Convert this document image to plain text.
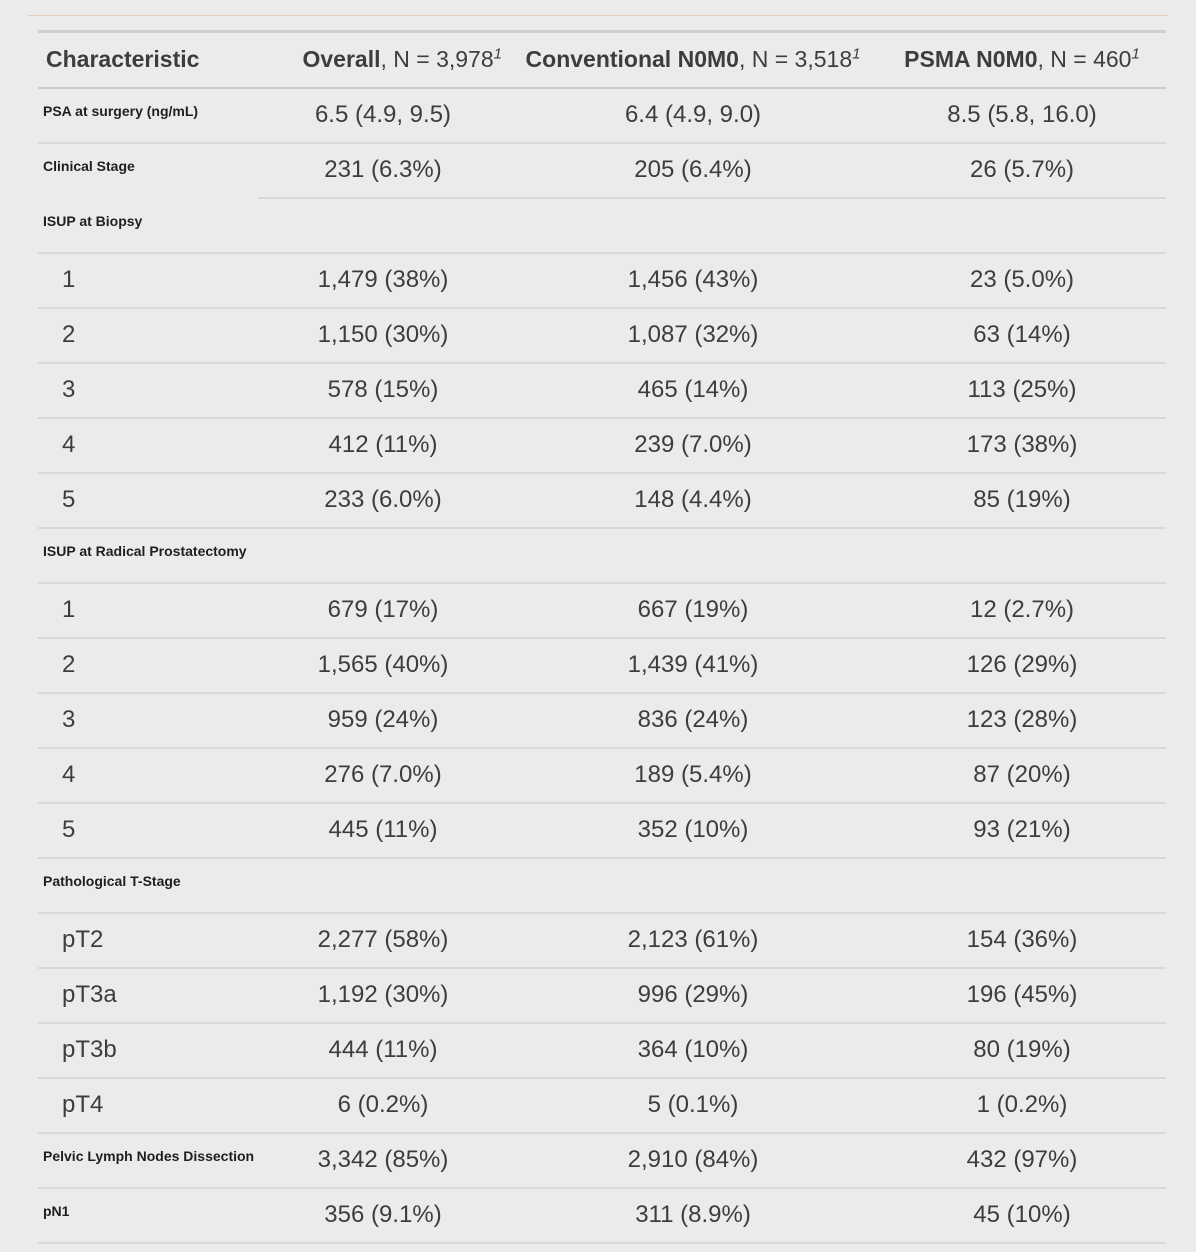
Characteristic	Overall, $N = 3,978^1$	Conventional N0M0, $N = 3,518^1$	PSMA N0M0, $N = 460^1$
PSA at surgery (ng/mL)	6.5 (4.9, 9.5)	6.4 (4.9, 9.0)	8.5 (5.8, 16.0)
Clinical Stage	231 (6.3%)	205 (6.4%)	26 (5.7%)
ISUP at Biopsy			
1	1,479 (38%)	1,456 (43%)	23 (5.0%)
2	1,150 (30%)	1,087 (32%)	63 (14%)
3	578 (15%)	465 (14%)	113 (25%)
4	412 (11%)	239 (7.0%)	173 (38%)
5	233 (6.0%)	148 (4.4%)	85 (19%)
ISUP at Radical Prostatectomy			
1	679 (17%)	667 (19%)	12 (2.7%)
2	1,565 (40%)	1,439 (41%)	126 (29%)
3	959 (24%)	836 (24%)	123 (28%)
4	276 (7.0%)	189 (5.4%)	87 (20%)
5	445 (11%)	352 (10%)	93 (21%)
Pathological T-Stage			
pT2	2,277 (58%)	2,123 (61%)	154 (36%)
pT3a	1,192 (30%)	996 (29%)	196 (45%)
pT3b	444 (11%)	364 (10%)	80 (19%)
pT4	6 (0.2%)	5 (0.1%)	1 (0.2%)
Pelvic Lymph Nodes Dissection	3,342 (85%)	2,910 (84%)	432 (97%)
pN1	356 (9.1%)	311 (8.9%)	45 (10%)
